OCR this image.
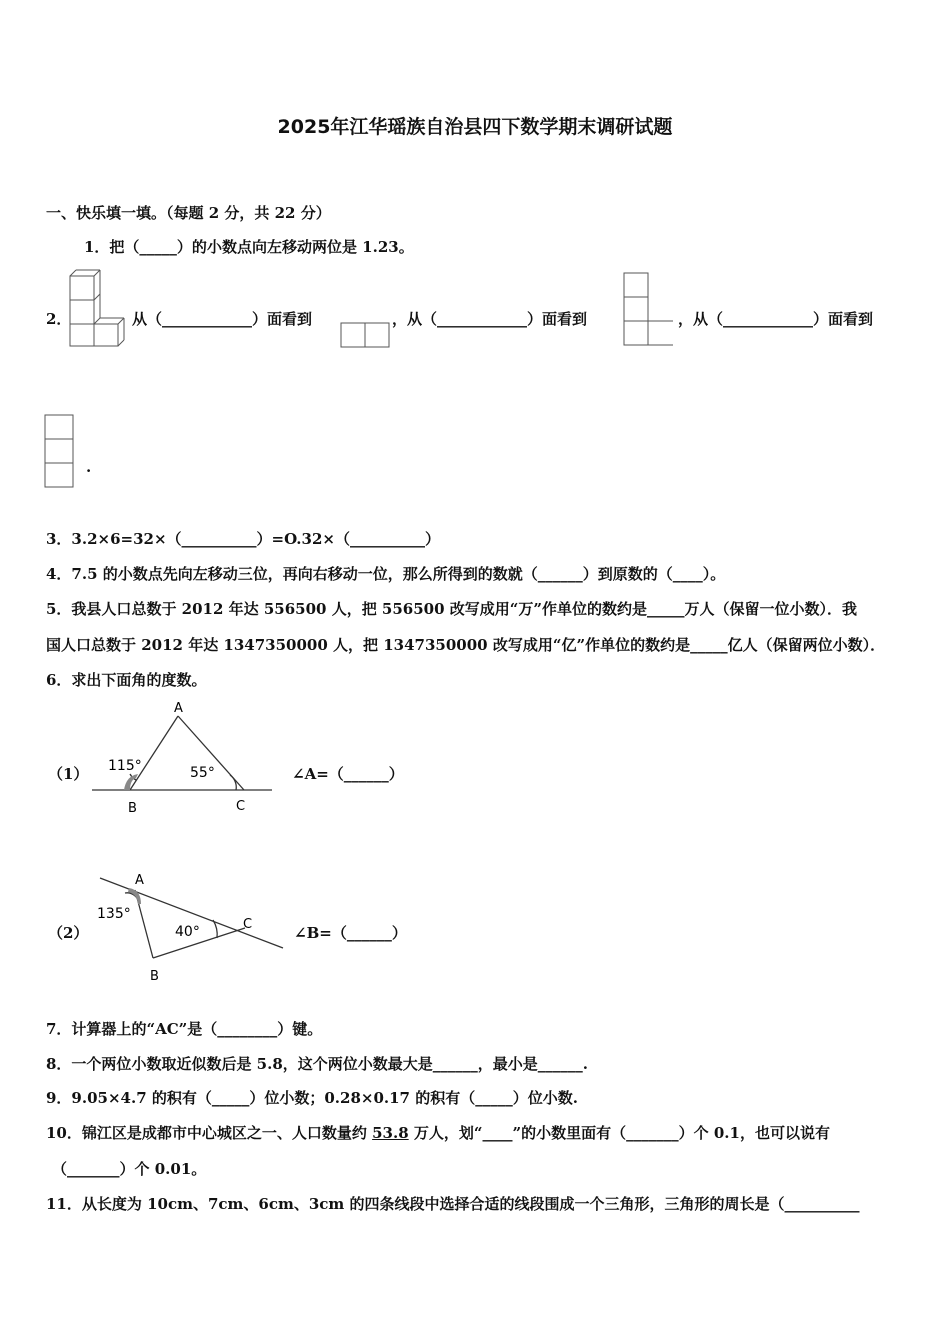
2025年江华瑶族自治县四下数学期末调研试题
一、快乐填一填。（每题 2 分，共 22 分）
1．把（_____）的小数点向左移动两位是 1.23。
2．	从（____________）面看到	，从（____________）面看到	，从（____________）面看到
.
3．3.2×6=32×（__________）=O.32×（__________）
4．7.5 的小数点先向左移动三位，再向右移动一位，那么所得到的数就（______）到原数的（____）。
5．我县人口总数于 2012 年达 556500 人，把 556500 改写成用“万”作单位的数约是_____万人（保留一位小数）．我
国人口总数于 2012 年达 1347350000 人，把 1347350000 改写成用“亿”作单位的数约是_____亿人（保留两位小数）．
6．求出下面角的度数。
（1）
A
B	C
115°	55°	∠A=（______）
（2）
A
B
C
135°
40°	∠B=（______）
7．计算器上的“AC”是（________）键。
8．一个两位小数取近似数后是 5.8，这个两位小数最大是______，最小是______.
9．9.05×4.7 的积有（_____）位小数；0.28×0.17 的积有（_____）位小数.
10．锦江区是成都市中心城区之一、人口数量约 53.8 万人，划“____”的小数里面有（_______）个 0.1，也可以说有
（_______）个 0.01。
11．从长度为 10cm、7cm、6cm、3cm 的四条线段中选择合适的线段围成一个三角形，三角形的周长是（__________
